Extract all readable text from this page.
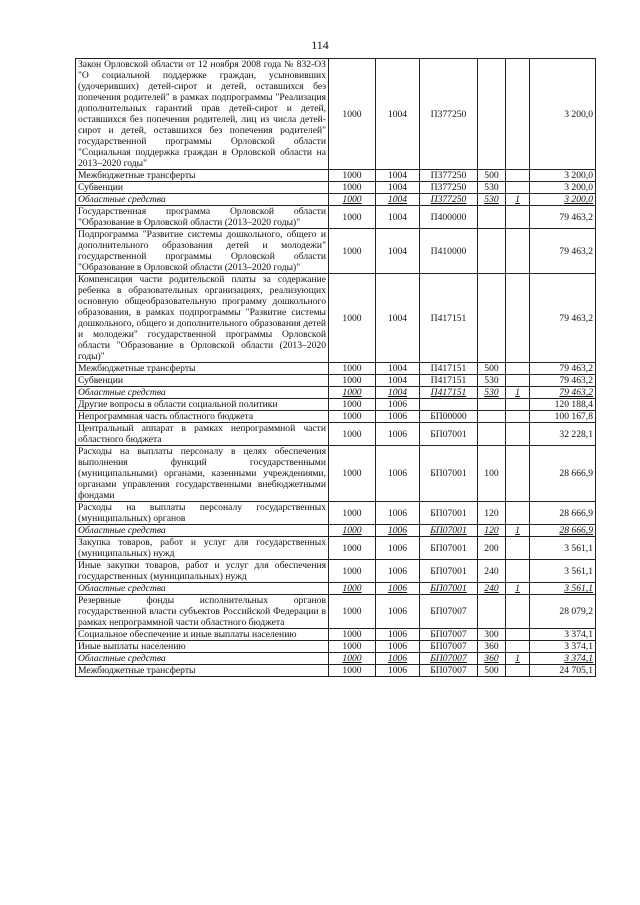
114
Закон Орловской области от 12 ноября 2008 года № 832-ОЗ "О социальной поддержке граждан, усыновивших (удочеривших) детей-сирот и детей, оставшихся без попечения родителей" в рамках подпрограммы "Реализация дополнительных гарантий прав детей-сирот и детей, оставшихся без попечения родителей, лиц из числа детей-сирот и детей, оставшихся без попечения родителей" государственной программы Орловской области "Социальная поддержка граждан в Орловской области на 2013–2020 годы"	1000	1004	П377250			3 200,0
Межбюджетные трансферты	1000	1004	П377250	500		3 200,0
Субвенции	1000	1004	П377250	530		3 200,0
Областные средства	1000	1004	П377250	530	1	3 200,0
Государственная программа Орловской области "Образование в Орловской области (2013–2020 годы)"	1000	1004	П400000			79 463,2
Подпрограмма "Развитие системы дошкольного, общего и дополнительного образования детей и молодежи" государственной программы Орловской области "Образование в Орловской области (2013–2020 годы)"	1000	1004	П410000			79 463,2
Компенсация части родительской платы за содержание ребенка в образовательных организациях, реализующих основную общеобразовательную программу дошкольного образования, в рамках подпрограммы "Развитие системы дошкольного, общего и дополнительного образования детей и молодежи" государственной программы Орловской области "Образование в Орловской области (2013–2020 годы)"	1000	1004	П417151			79 463,2
Межбюджетные трансферты	1000	1004	П417151	500		79 463,2
Субвенции	1000	1004	П417151	530		79 463,2
Областные средства	1000	1004	П417151	530	1	79 463,2
Другие вопросы в области социальной политики	1000	1006				120 188,4
Непрограммная часть областного бюджета	1000	1006	БП00000			100 167,8
Центральный аппарат в рамках непрограммной части областного бюджета	1000	1006	БП07001			32 228,1
Расходы на выплаты персоналу в целях обеспечения выполнения функций государственными (муниципальными) органами, казенными учреждениями, органами управления государственными внебюджетными фондами	1000	1006	БП07001	100		28 666,9
Расходы на выплаты персоналу государственных (муниципальных) органов	1000	1006	БП07001	120		28 666,9
Областные средства	1000	1006	БП07001	120	1	28 666,9
Закупка товаров, работ и услуг для государственных (муниципальных) нужд	1000	1006	БП07001	200		3 561,1
Иные закупки товаров, работ и услуг для обеспечения государственных (муниципальных) нужд	1000	1006	БП07001	240		3 561,1
Областные средства	1000	1006	БП07001	240	1	3 561,1
Резервные фонды исполнительных органов государственной власти субъектов Российской Федерации в рамках непрограммной части областного бюджета	1000	1006	БП07007			28 079,2
Социальное обеспечение и иные выплаты населению	1000	1006	БП07007	300		3 374,1
Иные выплаты населению	1000	1006	БП07007	360		3 374,1
Областные средства	1000	1006	БП07007	360	1	3 374,1
Межбюджетные трансферты	1000	1006	БП07007	500		24 705,1
